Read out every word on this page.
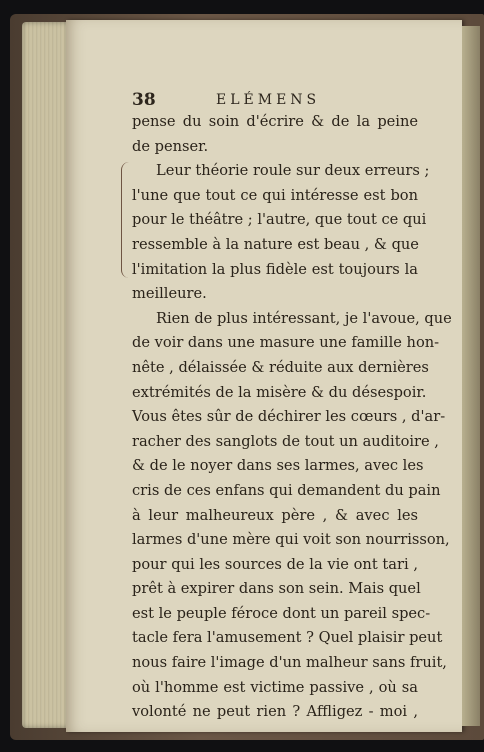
38	ELÉMENS
pense du soin d'écrire & de la peine
de penser.
Leur théorie roule sur deux erreurs ;
l'une que tout ce qui intéresse est bon
pour le théâtre ; l'autre, que tout ce qui
ressemble à la nature est beau , & que
l'imitation la plus fidèle est toujours la
meilleure.
Rien de plus intéressant, je l'avoue, que
de voir dans une masure une famille hon-
nête , délaissée & réduite aux dernières
extrémités de la misère & du désespoir.
Vous êtes sûr de déchirer les cœurs , d'ar-
racher des sanglots de tout un auditoire ,
& de le noyer dans ses larmes, avec les
cris de ces enfans qui demandent du pain
à leur malheureux père , & avec les
larmes d'une mère qui voit son nourrisson,
pour qui les sources de la vie ont tari ,
prêt à expirer dans son sein. Mais quel
est le peuple féroce dont un pareil spec-
tacle fera l'amusement ? Quel plaisir peut
nous faire l'image d'un malheur sans fruit,
où l'homme est victime passive , où sa
volonté ne peut rien ? Affligez - moi ,
